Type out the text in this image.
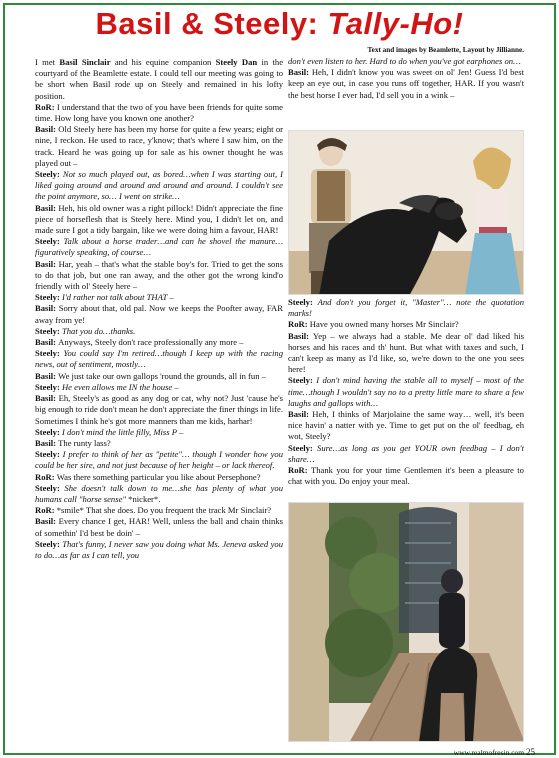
Basil & Steely: Tally-Ho!
I met Basil Sinclair and his equine companion Steely Dan in the courtyard of the Beamlette estate. I could tell our meeting was going to be short when Basil rode up on Steely and remained in his lofty position.
RoR: I understand that the two of you have been friends for quite some time. How long have you known one another?
Basil: Old Steely here has been my horse for quite a few years; eight or nine, I reckon. He used to race, y'know; that's where I saw him, on the track. Heard he was going up for sale as his owner thought he was played out –
Steely: Not so much played out, as bored…when I was starting out, I liked going around and around and around and around. I couldn't see the point anymore, so… I went on strike…
Basil: Heh, his old owner was a right pillock! Didn't appreciate the fine piece of horseflesh that is Steely here. Mind you, I didn't let on, and made sure I got a tidy bargain, like we were doing him a favour, HAR!
Steely: Talk about a horse trader…and can he shovel the manure…figuratively speaking, of course…
Basil: Har, yeah – that's what the stable boy's for. Tried to get the sons to do that job, but one ran away, and the other got the wrong kind'o friendly with ol' Steely here –
Steely: I'd rather not talk about THAT –
Basil: Sorry about that, old pal. Now we keeps the Poofter away, FAR away from ye!
Steely: That you do…thanks.
Basil: Anyways, Steely don't race professionally any more –
Steely: You could say I'm retired…though I keep up with the racing news, out of sentiment, mostly…
Basil: We just take our own gallops 'round the grounds, all in fun –
Steely: He even allows me IN the house –
Basil: Eh, Steely's as good as any dog or cat, why not? Just 'cause he's big enough to ride don't mean he don't appreciate the finer things in life. Sometimes I think he's got more manners than me kids, harhar!
Steely: I don't mind the little filly, Miss P –
Basil: The runty lass?
Steely: I prefer to think of her as "petite"… though I wonder how you could be her sire, and not just because of her height – or lack thereof.
RoR: Was there something particular you like about Persephone?
Steely: She doesn't talk down to me…she has plenty of what you humans call "horse sense" *nicker*.
RoR: *smile* That she does. Do you frequent the track Mr Sinclair?
Basil: Every chance I get, HAR! Well, unless the ball and chain thinks of somethin' I'd best be doin' –
Steely: That's funny, I never saw you doing what Ms. Jeneva asked you to do…as far as I can tell, you
Text and images by Beamlette, Layout by Jillianne.
don't even listen to her. Hard to do when you've got earphones on…
Basil: Heh, I didn't know you was sweet on ol' Jen! Guess I'd best keep an eye out, in case you runs off together, HAR. If you wasn't the best horse I ever had, I'd sell you in a wink –
Steely: And don't you forget it, "Master"… note the quotation marks!
RoR: Have you owned many horses Mr Sinclair?
Basil: Yep – we always had a stable. Me dear ol' dad liked his horses and his races and th' hunt. But what with taxes and such, I can't keep as many as I'd like, so, we're down to the one you sees here!
Steely: I don't mind having the stable all to myself – most of the time…though I wouldn't say no to a pretty little mare to share a few laughs and gallops with…
Basil: Heh, I thinks of Marjolaine the same way… well, it's been nice havin' a natter with ye. Time to get put on the ol' feedbag, eh wot, Steely?
Steely: Sure…as long as you get YOUR own feedbag – I don't share…
RoR: Thank you for your time Gentlemen it's been a pleasure to chat with you. Do enjoy your meal.
www.realmofresin.com 25
